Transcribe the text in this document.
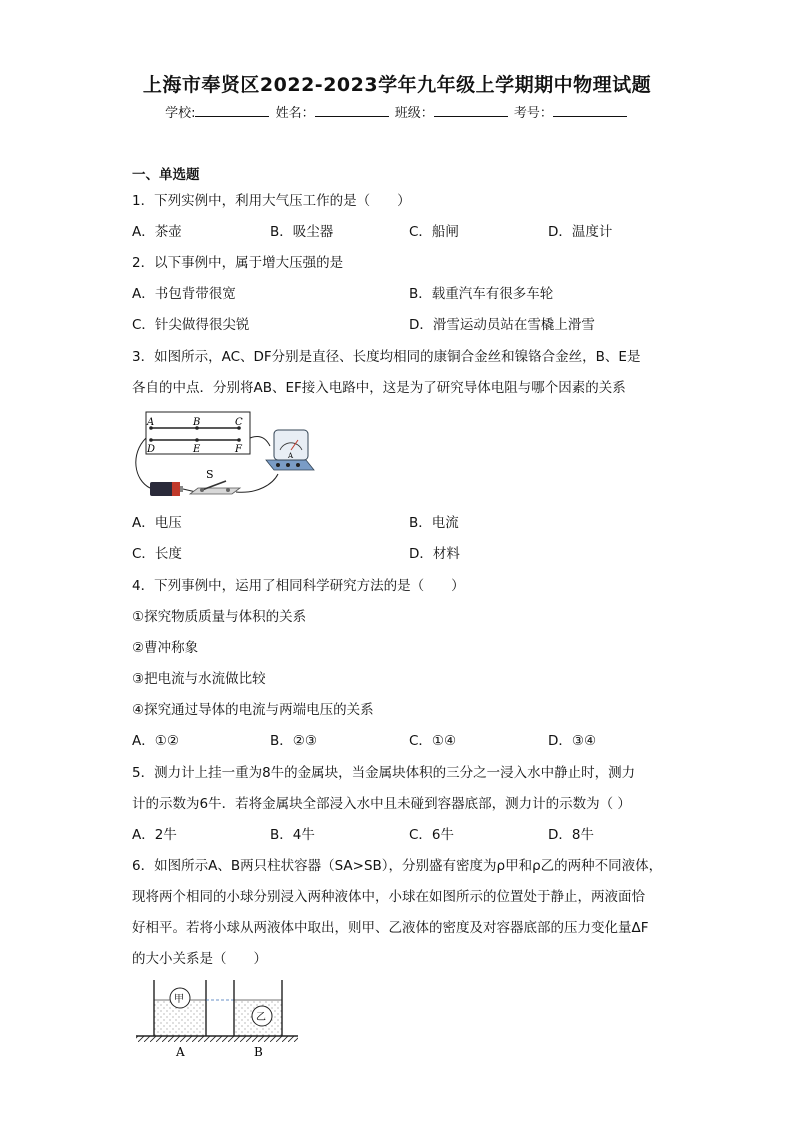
上海市奉贤区2022-2023学年九年级上学期期中物理试题
学校:	姓名：	班级：	考号：
一、单选题
1．下列实例中，利用大气压工作的是（　　）
A．茶壶	B．吸尘器	C．船闸	D．温度计
2．以下事例中，属于增大压强的是
A．书包背带很宽	B．载重汽车有很多车轮
C．针尖做得很尖锐	D．滑雪运动员站在雪橇上滑雪
3．如图所示，AC、DF分别是直径、长度均相同的康铜合金丝和镍铬合金丝，B、E是
各自的中点．分别将AB、EF接入电路中，这是为了研究导体电阻与哪个因素的关系
A	B	C
D	E	F
S
A
A．电压	B．电流
C．长度	D．材料
4．下列事例中，运用了相同科学研究方法的是（　　）
①探究物质质量与体积的关系
②曹冲称象
③把电流与水流做比较
④探究通过导体的电流与两端电压的关系
A．①②	B．②③	C．①④	D．③④
5．测力计上挂一重为8牛的金属块，当金属块体积的三分之一浸入水中静止时，测力
计的示数为6牛．若将金属块全部浸入水中且未碰到容器底部，测力计的示数为（ ）
A．2牛	B．4牛	C．6牛	D．8牛
6．如图所示A、B两只柱状容器（SA>SB），分别盛有密度为ρ甲和ρ乙的两种不同液体，
现将两个相同的小球分别浸入两种液体中，小球在如图所示的位置处于静止，两液面恰
好相平。若将小球从两液体中取出，则甲、乙液体的密度及对容器底部的压力变化量ΔF
的大小关系是（　　）
甲
乙
A	B
